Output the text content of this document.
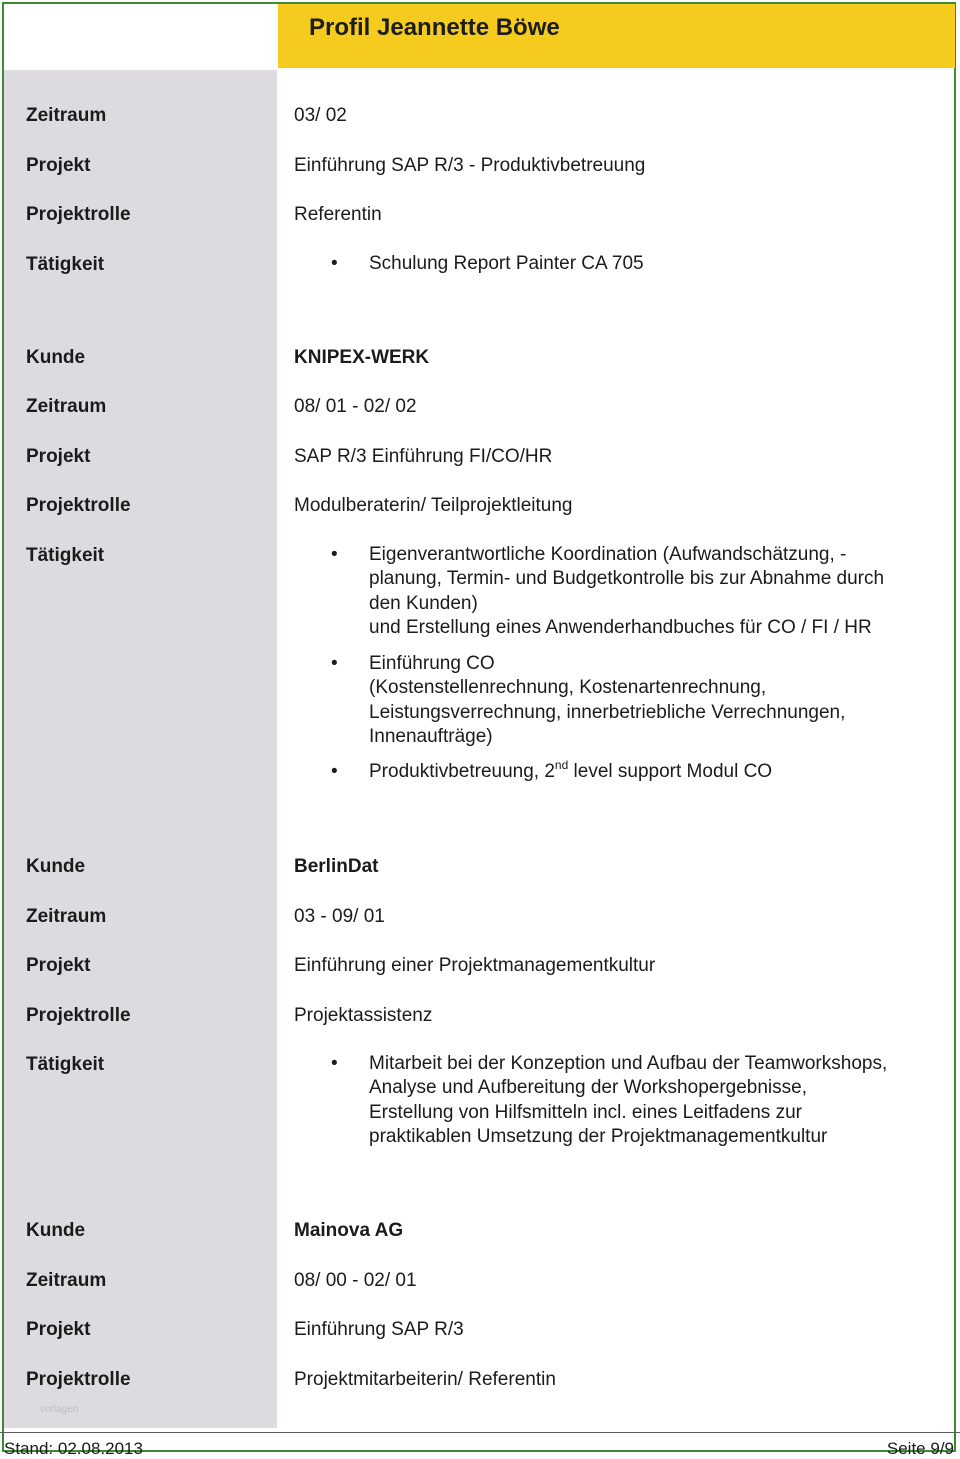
Profil Jeannette Böwe
Zeitraum	03/ 02
Projekt	Einführung SAP R/3 - Produktivbetreuung
Projektrolle	Referentin
Tätigkeit	• Schulung Report Painter CA 705
Kunde	KNIPEX-WERK
Zeitraum	08/ 01 - 02/ 02
Projekt	SAP R/3 Einführung FI/CO/HR
Projektrolle	Modulberaterin/ Teilprojektleitung
Tätigkeit	• Eigenverantwortliche Koordination (Aufwandschätzung, -
planung, Termin- und Budgetkontrolle bis zur Abnahme durch
den Kunden)
und Erstellung eines Anwenderhandbuches für CO / FI / HR
• Einführung CO
(Kostenstellenrechnung, Kostenartenrechnung,
Leistungsverrechnung, innerbetriebliche Verrechnungen,
Innenaufträge)
• Produktivbetreuung, 2nd level support Modul CO
Kunde	BerlinDat
Zeitraum	03 - 09/ 01
Projekt	Einführung einer Projektmanagementkultur
Projektrolle	Projektassistenz
Tätigkeit	• Mitarbeit bei der Konzeption und Aufbau der Teamworkshops,
Analyse und Aufbereitung der Workshopergebnisse,
Erstellung von Hilfsmitteln incl. eines Leitfadens zur
praktikablen Umsetzung der Projektmanagementkultur
Kunde	Mainova AG
Zeitraum	08/ 00 - 02/ 01
Projekt	Einführung SAP R/3
Projektrolle	Projektmitarbeiterin/ Referentin
vorlagen
Stand: 02.08.2013	Seite 9/9
